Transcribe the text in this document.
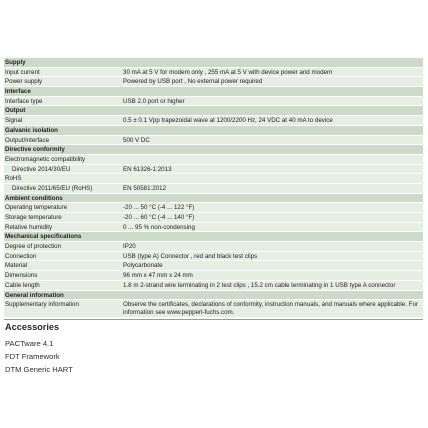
Supply
Input current	30 mA at 5 V for modem only , 255 mA at 5 V with device power and modem
Power supply	Powered by USB port , No external power required
Interface
Interface type	USB 2.0 port or higher
Output
Signal	0.5 ± 0.1 Vpp trapezoidal wave at 1200/2200 Hz, 24 VDC at 40 mA to device
Galvanic isolation
Output/interface	500 V DC
Directive conformity
Electromagnetic compatibility
Directive 2014/30/EU	EN 61326-1:2013
RoHS
Directive 2011/65/EU (RoHS)	EN 50581:2012
Ambient conditions
Operating temperature	-20 ... 50 °C (-4 ... 122 °F)
Storage temperature	-20 ... 60 °C (-4 ... 140 °F)
Relative humidity	0 ... 95 % non-condensing
Mechanical specifications
Degree of protection	IP20
Connection	USB (type A) Connector , red and black test clips
Material	Polycarbonate
Dimensions	96 mm x 47 mm x 24 mm
Cable length	1.8 m 2-strand wire terminating in 2 test clips , 15.2 cm cable terminating in 1 USB type A connector
General information
Supplementary information	Observe the certificates, declarations of conformity, instruction manuals, and manuals where applicable. For information see www.pepperl-fuchs.com.
Accessories
PACTware 4.1
FDT Framework
DTM Generic HART
